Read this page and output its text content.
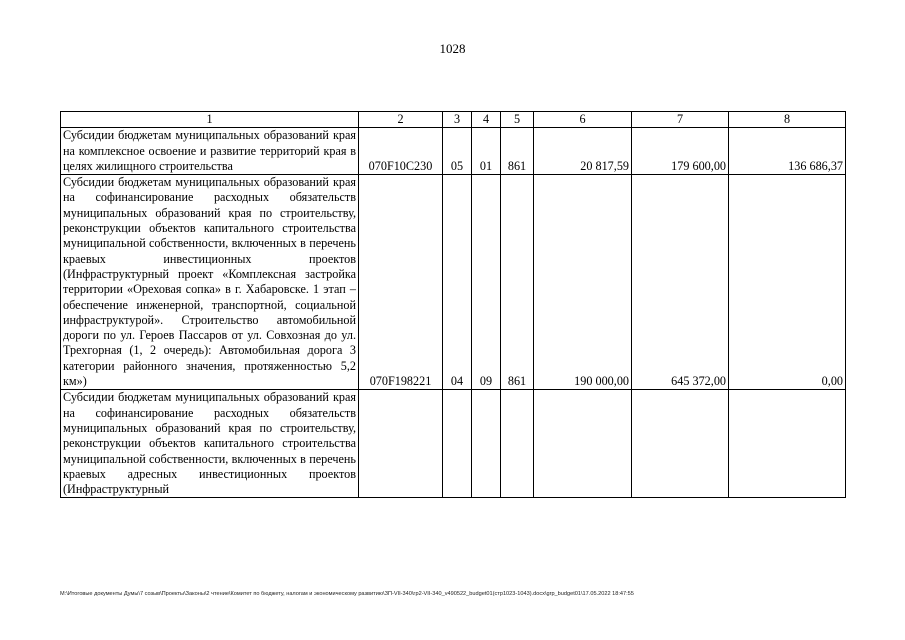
1028
1	2	3	4	5	6	7	8
Субсидии бюджетам муниципальных образований края на комплексное освоение и развитие территорий края в целях жилищного строительства	070F10C230	05	01	861	20 817,59	179 600,00	136 686,37
Субсидии бюджетам муниципальных образований края на софинансирование расходных обязательств муниципальных образований края по строительству, реконструкции объектов капитального строительства муниципальной собственности, включенных в перечень краевых инвестиционных проектов (Инфраструктурный проект «Комплексная застройка территории «Ореховая сопка» в г. Хабаровске. 1 этап – обеспечение инженерной, транспортной, социальной инфраструктурой». Строительство автомобильной дороги по ул. Героев Пассаров от ул. Совхозная до ул. Трехгорная (1, 2 очередь): Автомобильная дорога 3 категории районного значения, протяженностью 5,2 км»)	070F198221	04	09	861	190 000,00	645 372,00	0,00
Субсидии бюджетам муниципальных образований края на софинансирование расходных обязательств муниципальных образований края по строительству, реконструкции объектов капитального строительства муниципальной собственности, включенных в перечень краевых адресных инвестиционных проектов (Инфраструктурный							
M:\Итоговые документы Думы\7 созыв\Проекты\Законы\2 чтение\Комитет по бюджету, налогам и экономическому развитию\ЗП-VII-340\гр2-VII-340_v490522_budget01(стр1023-1043).docx\grp_budget01\17.05.2022 18:47:55
